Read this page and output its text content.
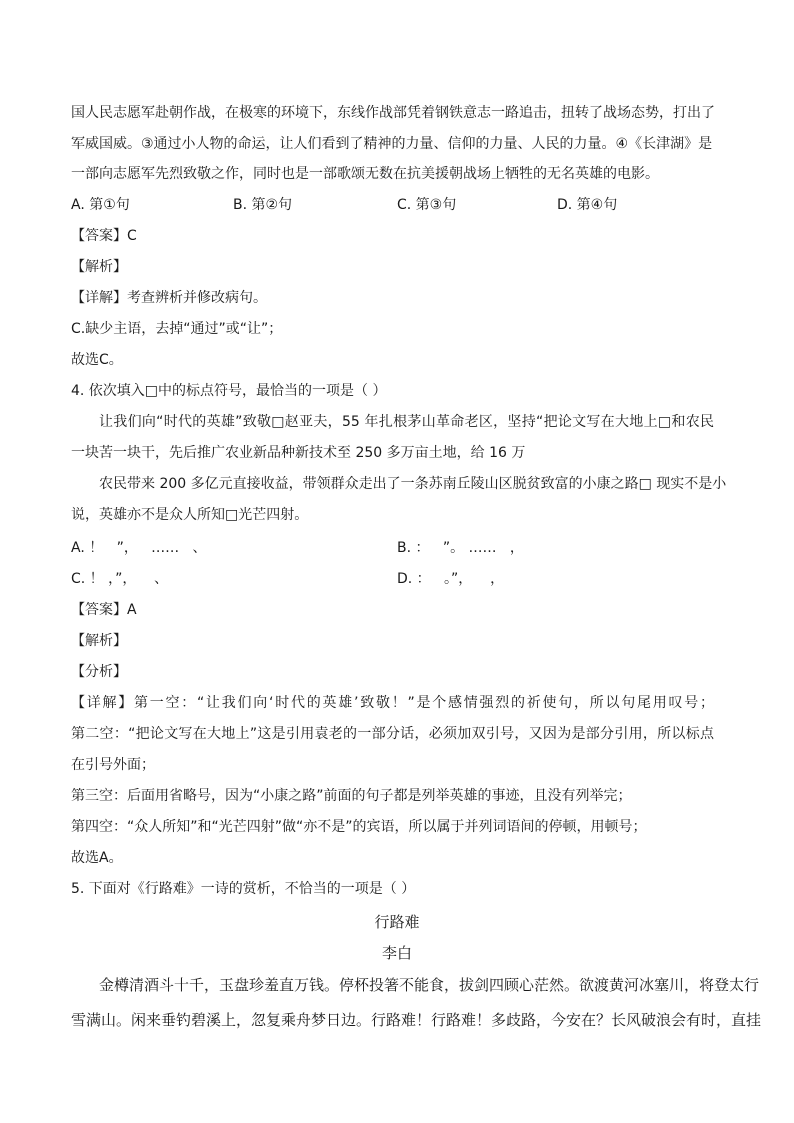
国人民志愿军赴朝作战，在极寒的环境下，东线作战部凭着钢铁意志一路追击，扭转了战场态势，打出了
军威国威。③通过小人物的命运，让人们看到了精神的力量、信仰的力量、人民的力量。④《长津湖》是
一部向志愿军先烈致敬之作，同时也是一部歌颂无数在抗美援朝战场上牺牲的无名英雄的电影。
A. 第①句	B. 第②句	C. 第③句	D. 第④句
【答案】C
【解析】
【详解】考查辨析并修改病句。
C.缺少主语，去掉“通过”或“让”；
故选C。
4. 依次填入□中的标点符号，最恰当的一项是（ ）
让我们向“时代的英雄”致敬□赵亚夫，55 年扎根茅山革命老区，坚持“把论文写在大地上□和农民
一块苦一块干，先后推广农业新品种新技术至 250 多万亩土地，给 16 万
农民带来 200 多亿元直接收益，带领群众走出了一条苏南丘陵山区脱贫致富的小康之路□ 现实不是小
说，英雄亦不是众人所知□光芒四射。
A. ！   ”，   ……   、	B. ：   ”。 ……   ，
C. ！ ，”，    、	D. ：   。”，    ，
【答案】A
【解析】
【分析】
【详解】第一空：“让我们向‘时代的英雄’致敬！”是个感情强烈的祈使句，所以句尾用叹号；
第二空：“把论文写在大地上”这是引用袁老的一部分话，必须加双引号，又因为是部分引用，所以标点
在引号外面；
第三空：后面用省略号，因为“小康之路”前面的句子都是列举英雄的事迹，且没有列举完；
第四空：“众人所知”和“光芒四射”做“亦不是”的宾语，所以属于并列词语间的停顿，用顿号；
故选A。
5. 下面对《行路难》一诗的赏析，不恰当的一项是（ ）
行路难
李白
金樽清酒斗十千，玉盘珍羞直万钱。停杯投箸不能食，拔剑四顾心茫然。欲渡黄河冰塞川，将登太行
雪满山。闲来垂钓碧溪上，忽复乘舟梦日边。行路难！行路难！多歧路，今安在？长风破浪会有时，直挂
